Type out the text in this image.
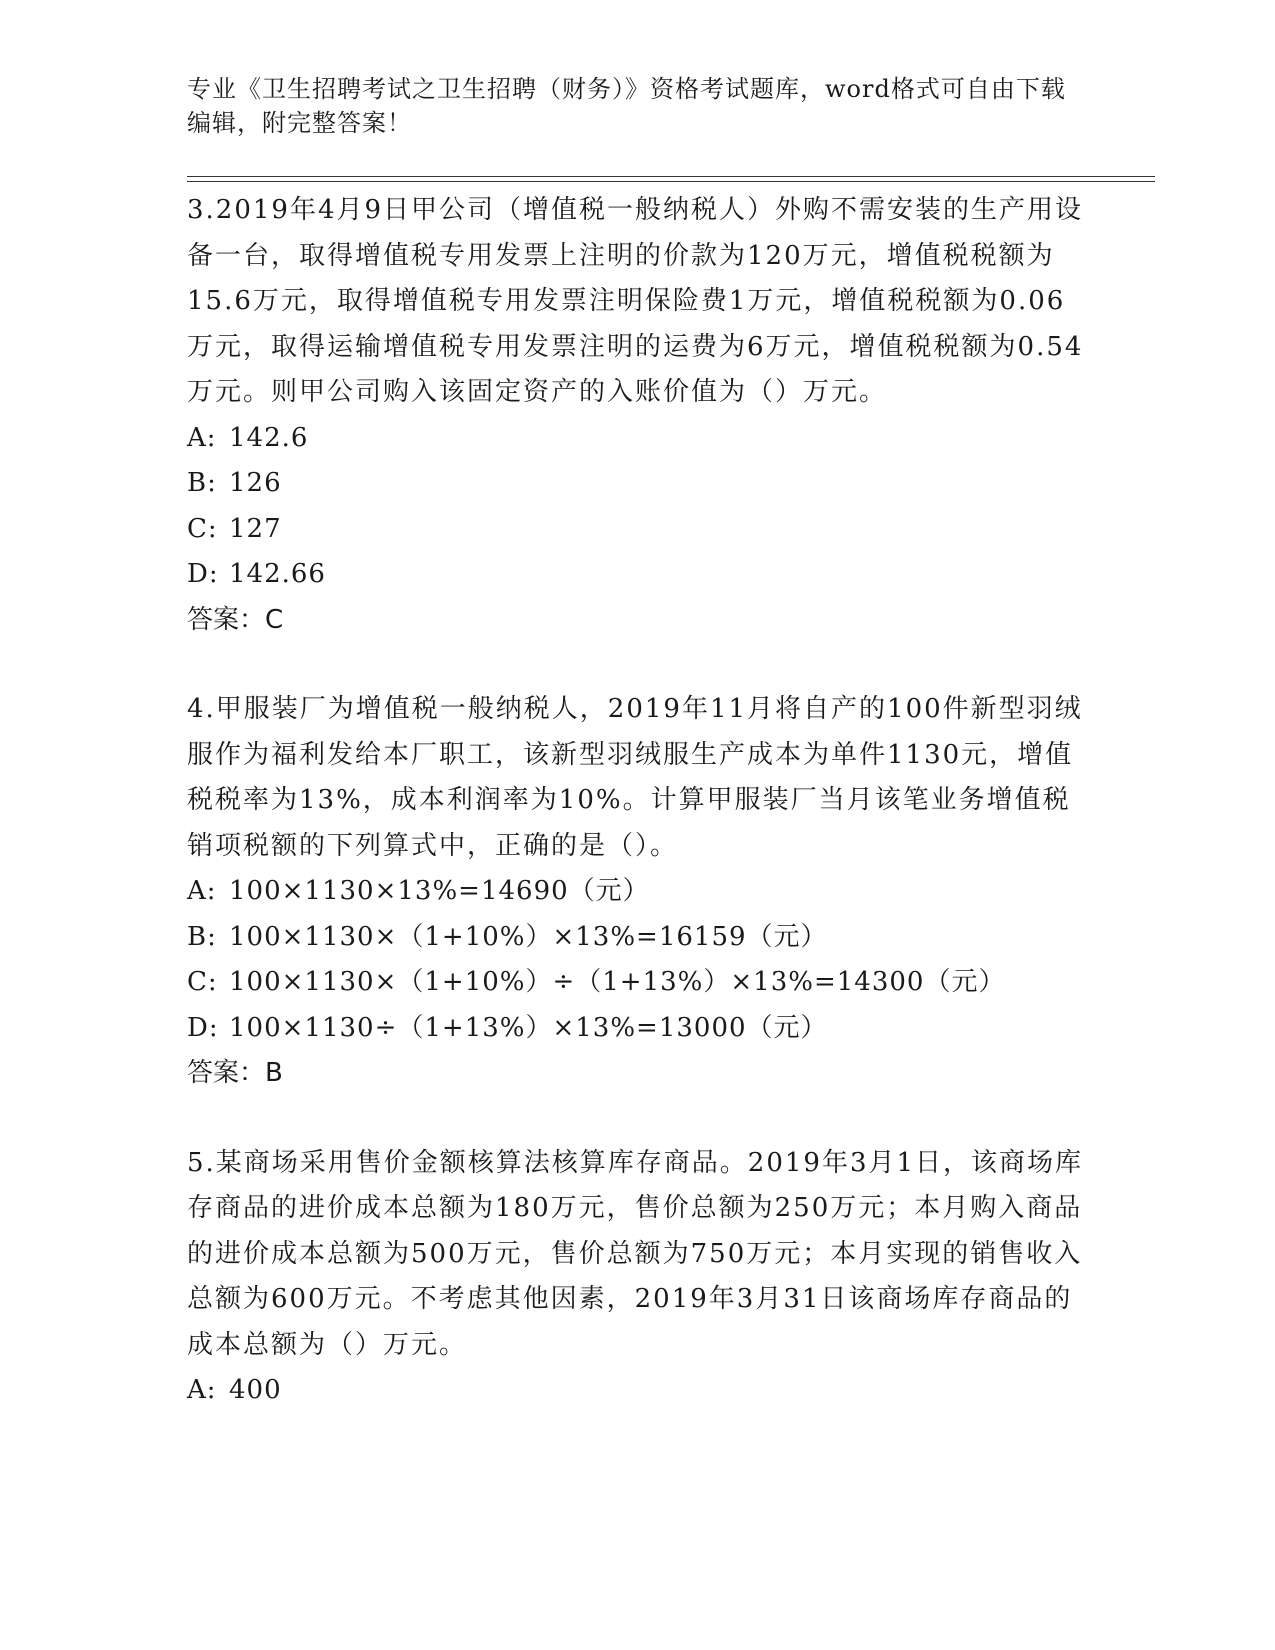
专业《卫生招聘考试之卫生招聘（财务）》资格考试题库，word格式可自由下载编辑，附完整答案！

3.2019年4月9日甲公司（增值税一般纳税人）外购不需安装的生产用设备一台，取得增值税专用发票上注明的价款为120万元，增值税税额为15.6万元，取得增值税专用发票注明保险费1万元，增值税税额为0.06万元，取得运输增值税专用发票注明的运费为6万元，增值税税额为0.54万元。则甲公司购入该固定资产的入账价值为（）万元。

A: 142.6

B: 126

C: 127

D: 142.66

答案：C

4.甲服装厂为增值税一般纳税人，2019年11月将自产的100件新型羽绒服作为福利发给本厂职工，该新型羽绒服生产成本为单件1130元，增值税税率为13%，成本利润率为10%。计算甲服装厂当月该笔业务增值税销项税额的下列算式中，正确的是（）。

A: 100×1130×13%=14690（元）

B: 100×1130×（1+10%）×13%=16159（元）

C: 100×1130×（1+10%）÷（1+13%）×13%=14300（元）

D: 100×1130÷（1+13%）×13%=13000（元）

答案：B

5.某商场采用售价金额核算法核算库存商品。2019年3月1日，该商场库存商品的进价成本总额为180万元，售价总额为250万元；本月购入商品的进价成本总额为500万元，售价总额为750万元；本月实现的销售收入总额为600万元。不考虑其他因素，2019年3月31日该商场库存商品的成本总额为（）万元。

A: 400
